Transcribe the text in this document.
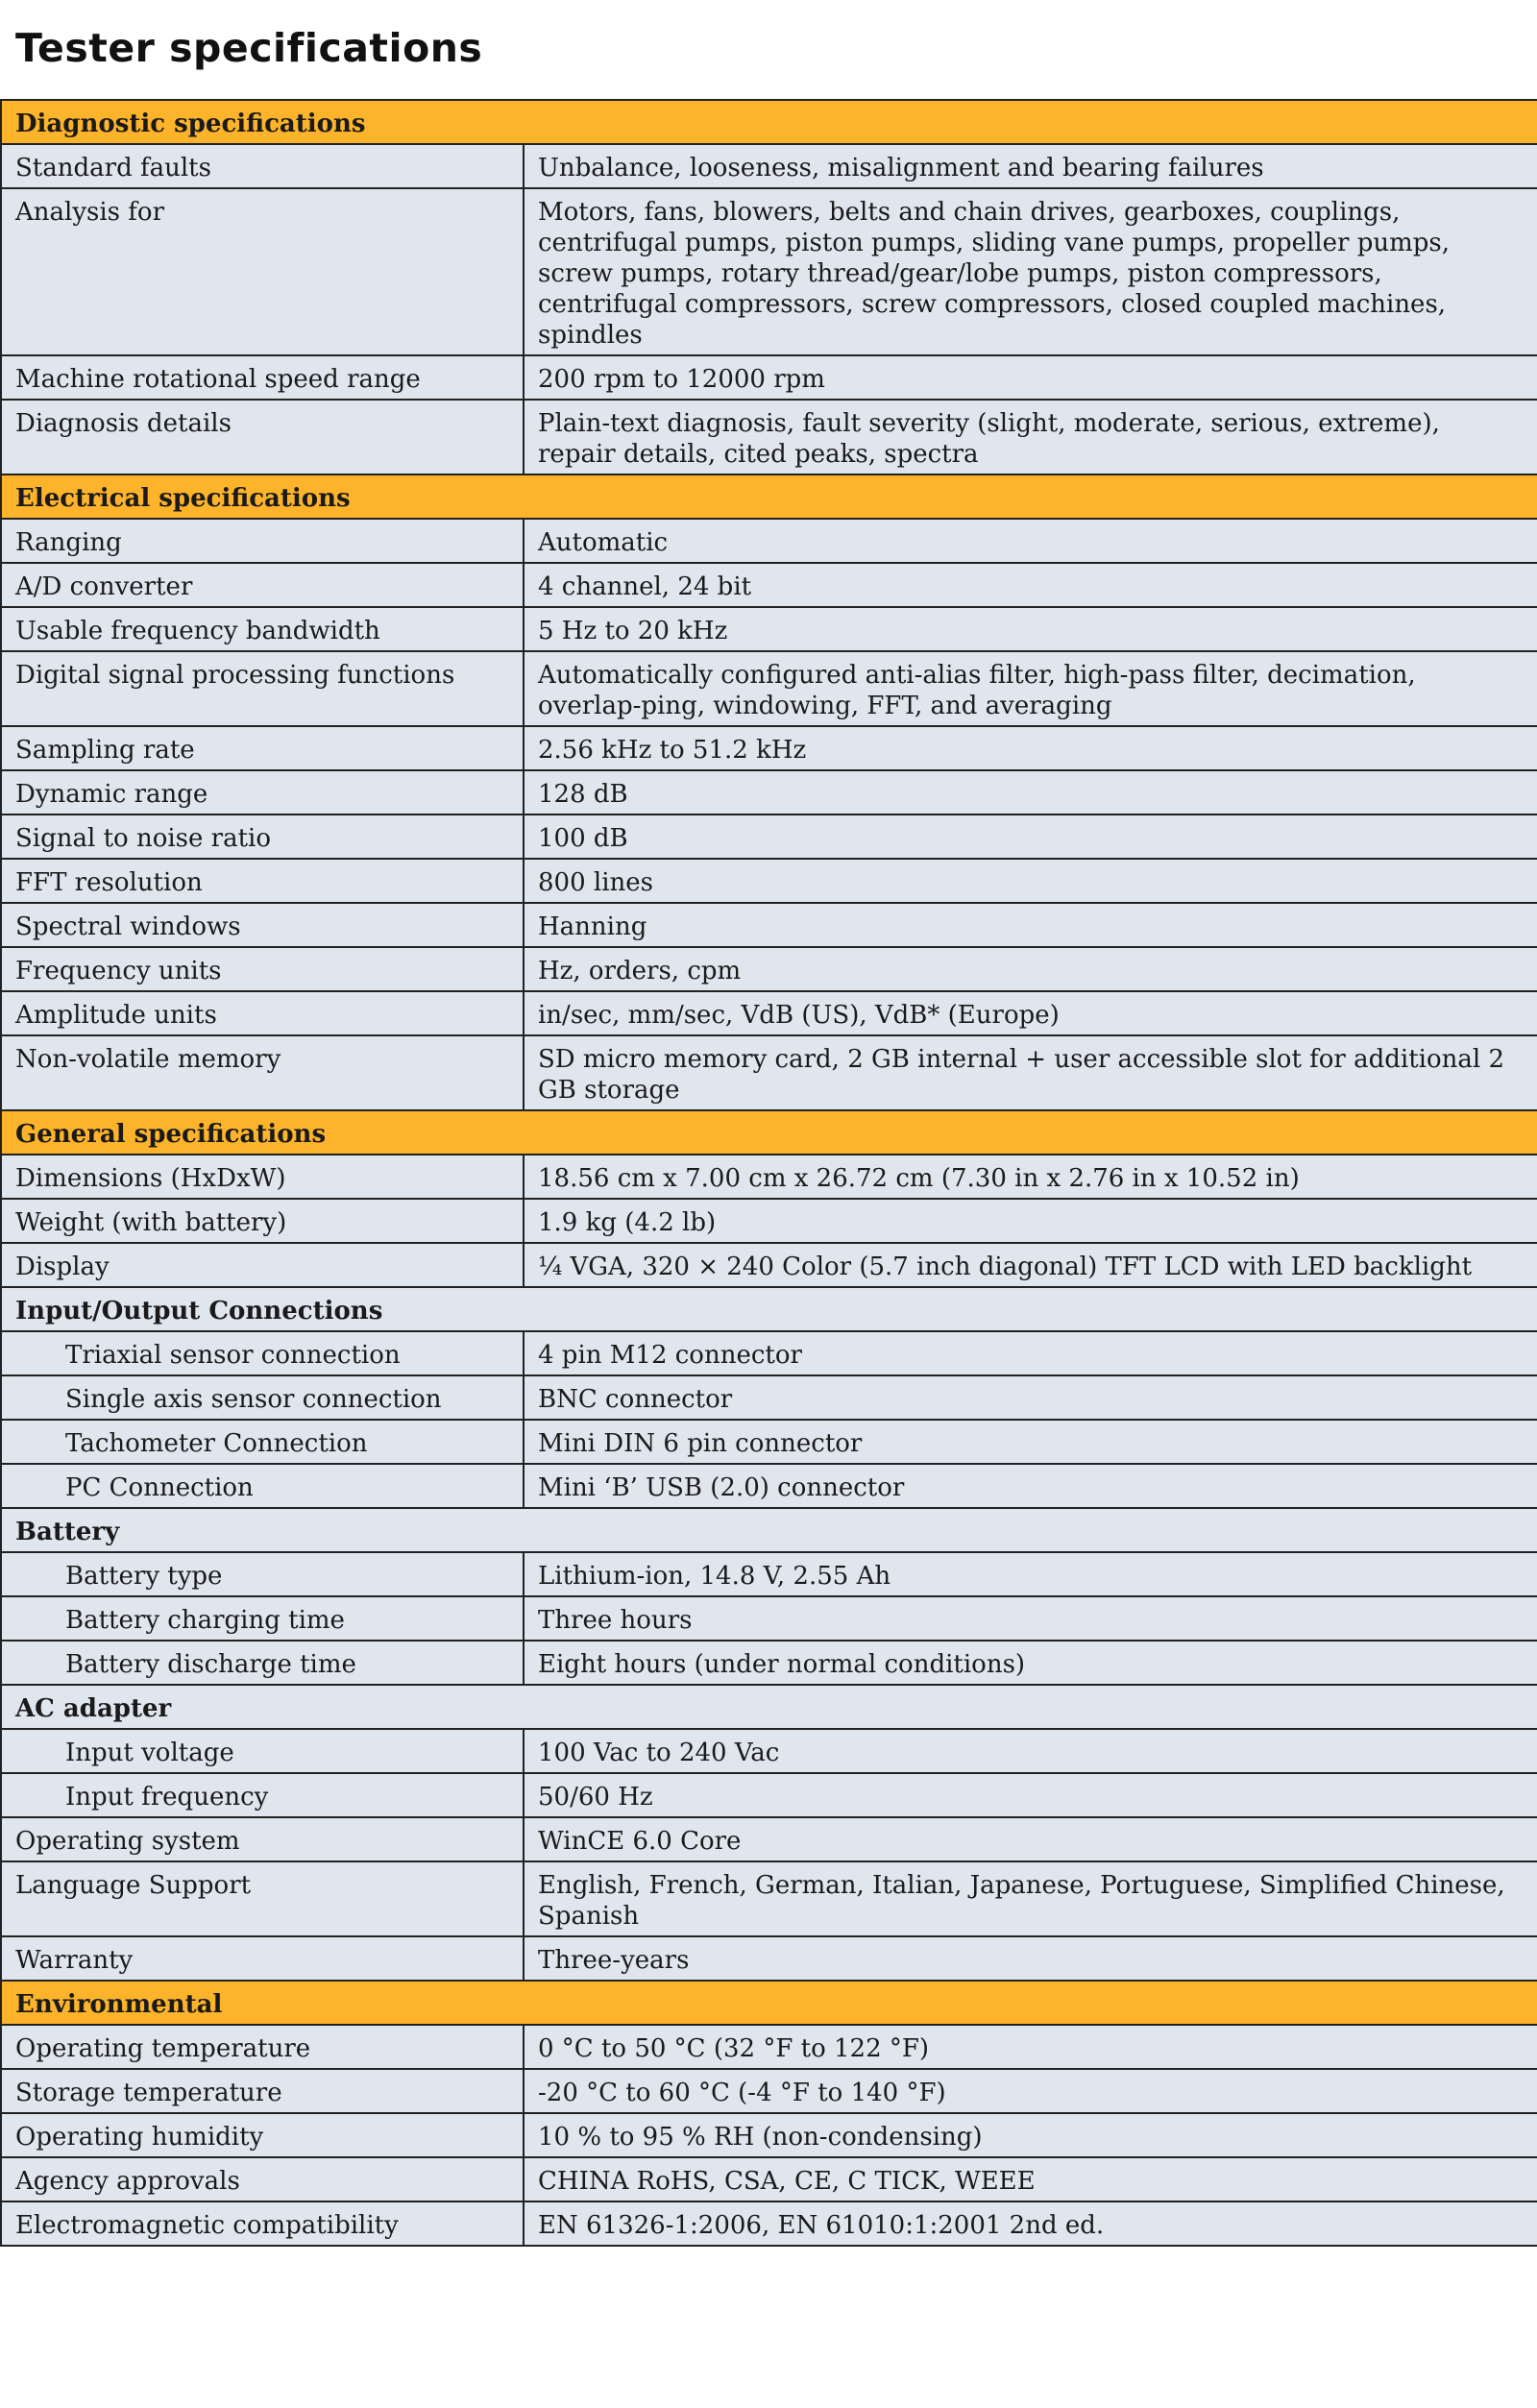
Tester specifications
Diagnostic specifications	
Standard faults	Unbalance, looseness, misalignment and bearing failures
Analysis for	Motors, fans, blowers, belts and chain drives, gearboxes, couplings, centrifugal pumps, piston pumps, sliding vane pumps, propeller pumps, screw pumps, rotary thread/gear/lobe pumps, piston compressors, centrifugal compressors, screw compressors, closed coupled machines, spindles
Machine rotational speed range	200 rpm to 12000 rpm
Diagnosis details	Plain-text diagnosis, fault severity (slight, moderate, serious, extreme), repair details, cited peaks, spectra
Electrical specifications	
Ranging	Automatic
A/D converter	4 channel, 24 bit
Usable frequency bandwidth	5 Hz to 20 kHz
Digital signal processing functions	Automatically configured anti-alias filter, high-pass filter, decimation, overlap-ping, windowing, FFT, and averaging
Sampling rate	2.56 kHz to 51.2 kHz
Dynamic range	128 dB
Signal to noise ratio	100 dB
FFT resolution	800 lines
Spectral windows	Hanning
Frequency units	Hz, orders, cpm
Amplitude units	in/sec, mm/sec, VdB (US), VdB* (Europe)
Non-volatile memory	SD micro memory card, 2 GB internal + user accessible slot for additional 2 GB storage
General specifications	
Dimensions (HxDxW)	18.56 cm x 7.00 cm x 26.72 cm (7.30 in x 2.76 in x 10.52 in)
Weight (with battery)	1.9 kg (4.2 lb)
Display	¼ VGA, 320 × 240 Color (5.7 inch diagonal) TFT LCD with LED backlight
Input/Output Connections	
Triaxial sensor connection	4 pin M12 connector
Single axis sensor connection	BNC connector
Tachometer Connection	Mini DIN 6 pin connector
PC Connection	Mini ‘B’ USB (2.0) connector
Battery	
Battery type	Lithium-ion, 14.8 V, 2.55 Ah
Battery charging time	Three hours
Battery discharge time	Eight hours (under normal conditions)
AC adapter	
Input voltage	100 Vac to 240 Vac
Input frequency	50/60 Hz
Operating system	WinCE 6.0 Core
Language Support	English, French, German, Italian, Japanese, Portuguese, Simplified Chinese, Spanish
Warranty	Three-years
Environmental	
Operating temperature	0 °C to 50 °C (32 °F to 122 °F)
Storage temperature	-20 °C to 60 °C (-4 °F to 140 °F)
Operating humidity	10 % to 95 % RH (non-condensing)
Agency approvals	CHINA RoHS, CSA, CE, C TICK, WEEE
Electromagnetic compatibility	EN 61326-1:2006, EN 61010:1:2001 2nd ed.
